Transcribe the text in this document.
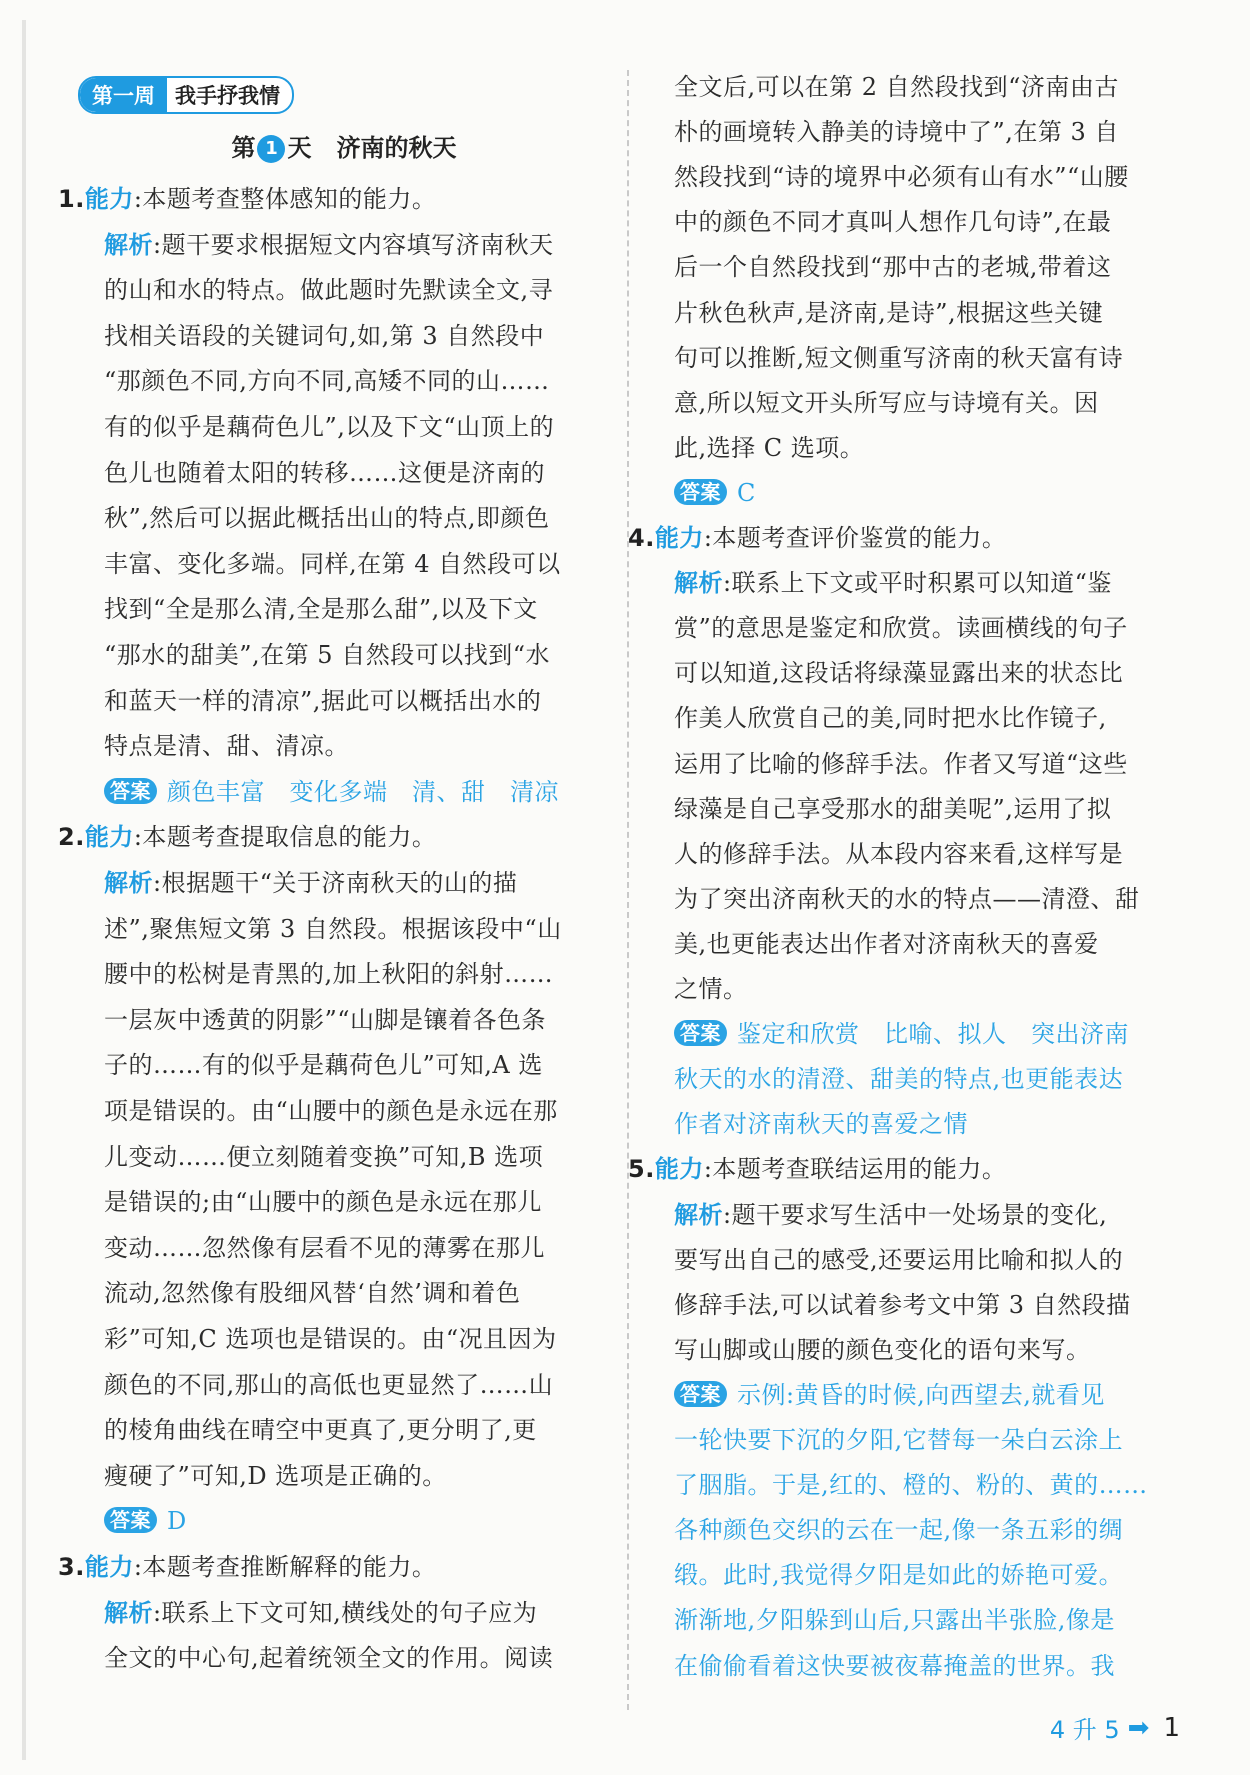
第一周 我手抒我情
第 1 天 济南的秋天
1.能力:本题考查整体感知的能力。
解析:题干要求根据短文内容填写济南秋天
的山和水的特点。做此题时先默读全文,寻
找相关语段的关键词句,如,第 3 自然段中
“那颜色不同,方向不同,高矮不同的山……
有的似乎是藕荷色儿”,以及下文“山顶上的
色儿也随着太阳的转移……这便是济南的
秋”,然后可以据此概括出山的特点,即颜色
丰富、变化多端。同样,在第 4 自然段可以
找到“全是那么清,全是那么甜”,以及下文
“那水的甜美”,在第 5 自然段可以找到“水
和蓝天一样的清凉”,据此可以概括出水的
特点是清、甜、清凉。
答案 颜色丰富　变化多端　清、甜　清凉
2.能力:本题考查提取信息的能力。
解析:根据题干“关于济南秋天的山的描
述”,聚焦短文第 3 自然段。根据该段中“山
腰中的松树是青黑的,加上秋阳的斜射……
一层灰中透黄的阴影”“山脚是镶着各色条
子的……有的似乎是藕荷色儿”可知,A 选
项是错误的。由“山腰中的颜色是永远在那
儿变动……便立刻随着变换”可知,B 选项
是错误的;由“山腰中的颜色是永远在那儿
变动……忽然像有层看不见的薄雾在那儿
流动,忽然像有股细风替‘自然’调和着色
彩”可知,C 选项也是错误的。由“况且因为
颜色的不同,那山的高低也更显然了……山
的棱角曲线在晴空中更真了,更分明了,更
瘦硬了”可知,D 选项是正确的。
答案 D
3.能力:本题考查推断解释的能力。
解析:联系上下文可知,横线处的句子应为
全文的中心句,起着统领全文的作用。阅读
全文后,可以在第 2 自然段找到“济南由古
朴的画境转入静美的诗境中了”,在第 3 自
然段找到“诗的境界中必须有山有水”“山腰
中的颜色不同才真叫人想作几句诗”,在最
后一个自然段找到“那中古的老城,带着这
片秋色秋声,是济南,是诗”,根据这些关键
句可以推断,短文侧重写济南的秋天富有诗
意,所以短文开头所写应与诗境有关。因
此,选择 C 选项。
答案 C
4.能力:本题考查评价鉴赏的能力。
解析:联系上下文或平时积累可以知道“鉴
赏”的意思是鉴定和欣赏。读画横线的句子
可以知道,这段话将绿藻显露出来的状态比
作美人欣赏自己的美,同时把水比作镜子,
运用了比喻的修辞手法。作者又写道“这些
绿藻是自己享受那水的甜美呢”,运用了拟
人的修辞手法。从本段内容来看,这样写是
为了突出济南秋天的水的特点——清澄、甜
美,也更能表达出作者对济南秋天的喜爱
之情。
答案 鉴定和欣赏　比喻、拟人　突出济南
秋天的水的清澄、甜美的特点,也更能表达
作者对济南秋天的喜爱之情
5.能力:本题考查联结运用的能力。
解析:题干要求写生活中一处场景的变化,
要写出自己的感受,还要运用比喻和拟人的
修辞手法,可以试着参考文中第 3 自然段描
写山脚或山腰的颜色变化的语句来写。
答案 示例:黄昏的时候,向西望去,就看见
一轮快要下沉的夕阳,它替每一朵白云涂上
了胭脂。于是,红的、橙的、粉的、黄的……
各种颜色交织的云在一起,像一条五彩的绸
缎。此时,我觉得夕阳是如此的娇艳可爱。
渐渐地,夕阳躲到山后,只露出半张脸,像是
在偷偷看着这快要被夜幕掩盖的世界。我
4 升 5 ➡ 1
